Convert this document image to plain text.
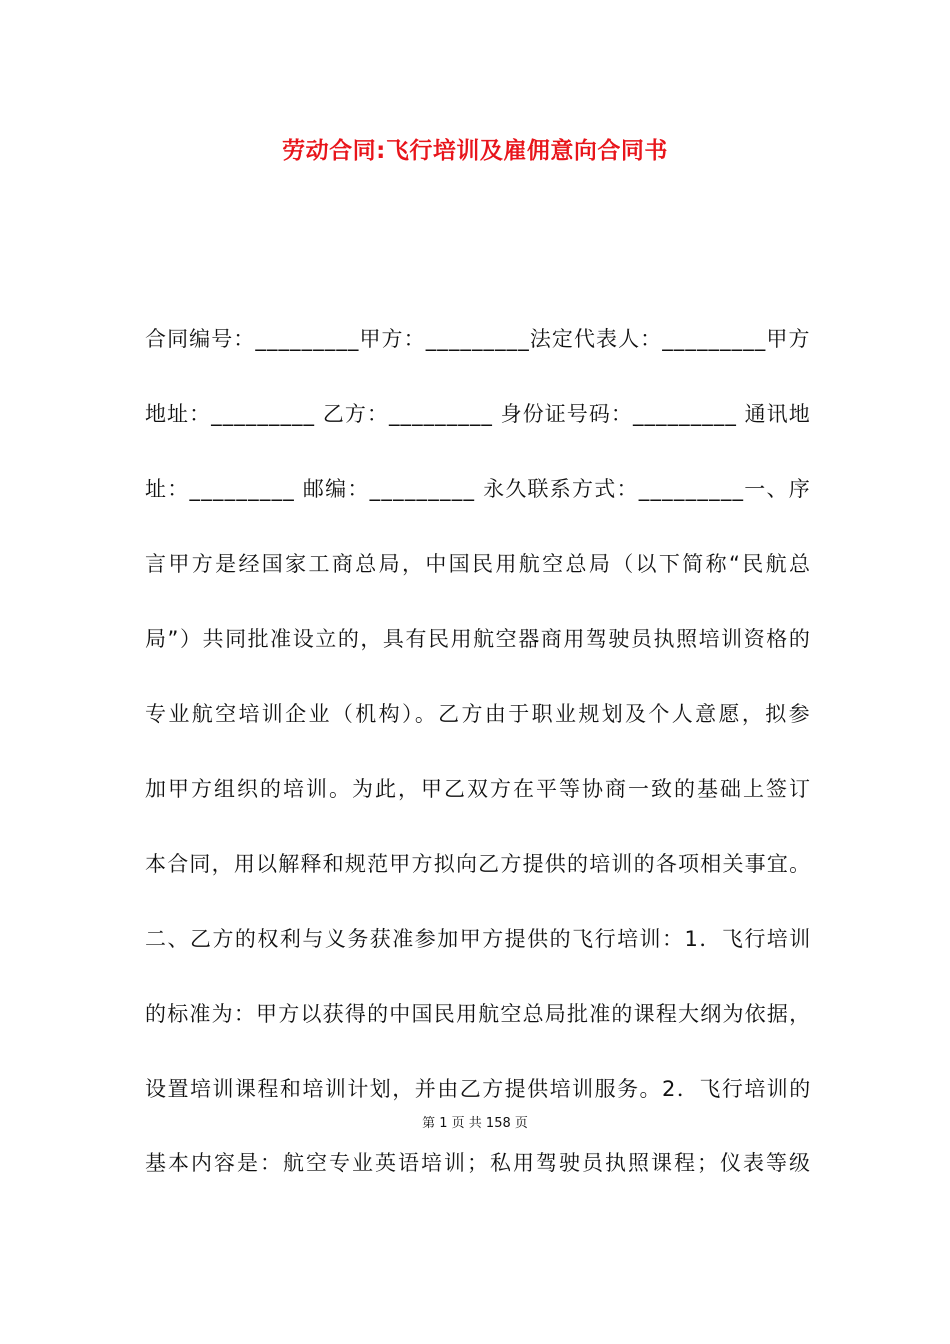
劳动合同:飞行培训及雇佣意向合同书
合同编号：_________甲方：_________法定代表人：_________甲方
地址：_________ 乙方：_________ 身份证号码：_________ 通讯地
址：_________ 邮编：_________ 永久联系方式：_________一、序
言甲方是经国家工商总局，中国民用航空总局（以下简称“民航总
局”）共同批准设立的，具有民用航空器商用驾驶员执照培训资格的
专业航空培训企业（机构）。乙方由于职业规划及个人意愿，拟参
加甲方组织的培训。为此，甲乙双方在平等协商一致的基础上签订
本合同，用以解释和规范甲方拟向乙方提供的培训的各项相关事宜。
二、乙方的权利与义务获准参加甲方提供的飞行培训：1．飞行培训
的标准为：甲方以获得的中国民用航空总局批准的课程大纲为依据，
设置培训课程和培训计划，并由乙方提供培训服务。2．飞行培训的
基本内容是：航空专业英语培训；私用驾驶员执照课程；仪表等级
第 1 页 共 158 页
